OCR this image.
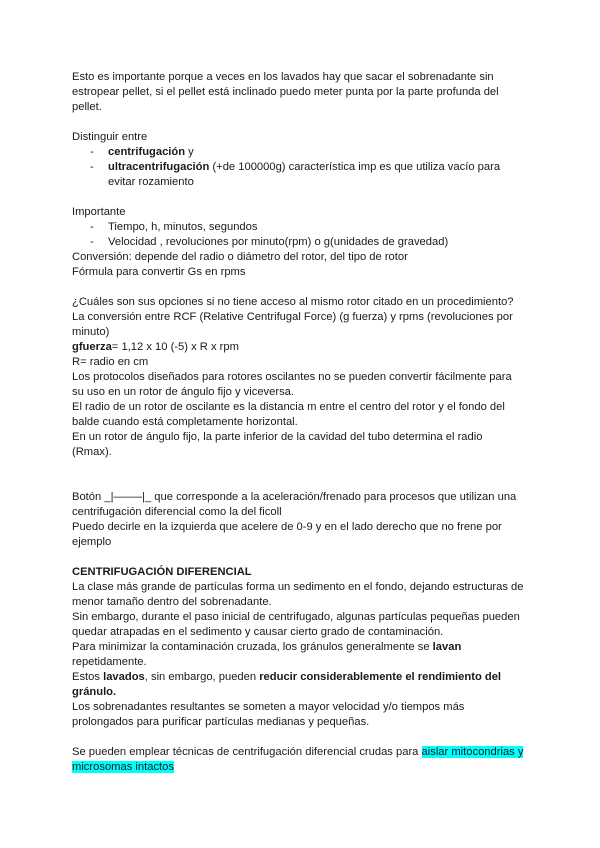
Esto es importante porque a veces en los lavados hay que sacar el sobrenadante sin estropear pellet, si el pellet está inclinado puedo meter punta por la parte profunda del pellet.

Distinguir entre

- centrifugación y
- ultracentrifugación (+de 100000g) característica imp es que utiliza vacío para evitar rozamiento

Importante

- Tiempo, h, minutos, segundos
- Velocidad , revoluciones por minuto(rpm) o g(unidades de gravedad)

Conversión: depende del radio o diámetro del rotor, del tipo de rotor

Fórmula para convertir Gs en rpms

¿Cuáles son sus opciones si no tiene acceso al mismo rotor citado en un procedimiento?

La conversión entre RCF (Relative Centrifugal Force) (g fuerza) y rpms (revoluciones por minuto)

gfuerza= 1,12 x 10 (-5) x R x rpm

R= radio en cm

Los protocolos diseñados para rotores oscilantes no se pueden convertir fácilmente para su uso en un rotor de ángulo fijo y viceversa.

El radio de un rotor de oscilante es la distancia m entre el centro del rotor y el fondo del balde cuando está completamente horizontal.

En un rotor de ángulo fijo, la parte inferior de la cavidad del tubo determina el radio (Rmax).

Botón _|—–—|_ que corresponde a la aceleración/frenado para procesos que utilizan una centrifugación diferencial como la del ficoll

Puedo decirle en la izquierda que acelere de 0-9 y en el lado derecho que no frene por ejemplo

CENTRIFUGACIÓN DIFERENCIAL

La clase más grande de partículas forma un sedimento en el fondo, dejando estructuras de menor tamaño dentro del sobrenadante.

Sin embargo, durante el paso inicial de centrifugado, algunas partículas pequeñas pueden quedar atrapadas en el sedimento y causar cierto grado de contaminación.

Para minimizar la contaminación cruzada, los gránulos generalmente se lavan repetidamente.

Estos lavados, sin embargo, pueden reducir considerablemente el rendimiento del gránulo.

Los sobrenadantes resultantes se someten a mayor velocidad y/o tiempos más prolongados para purificar partículas medianas y pequeñas.

Se pueden emplear técnicas de centrifugación diferencial crudas para aislar mitocondrias y microsomas intactos
